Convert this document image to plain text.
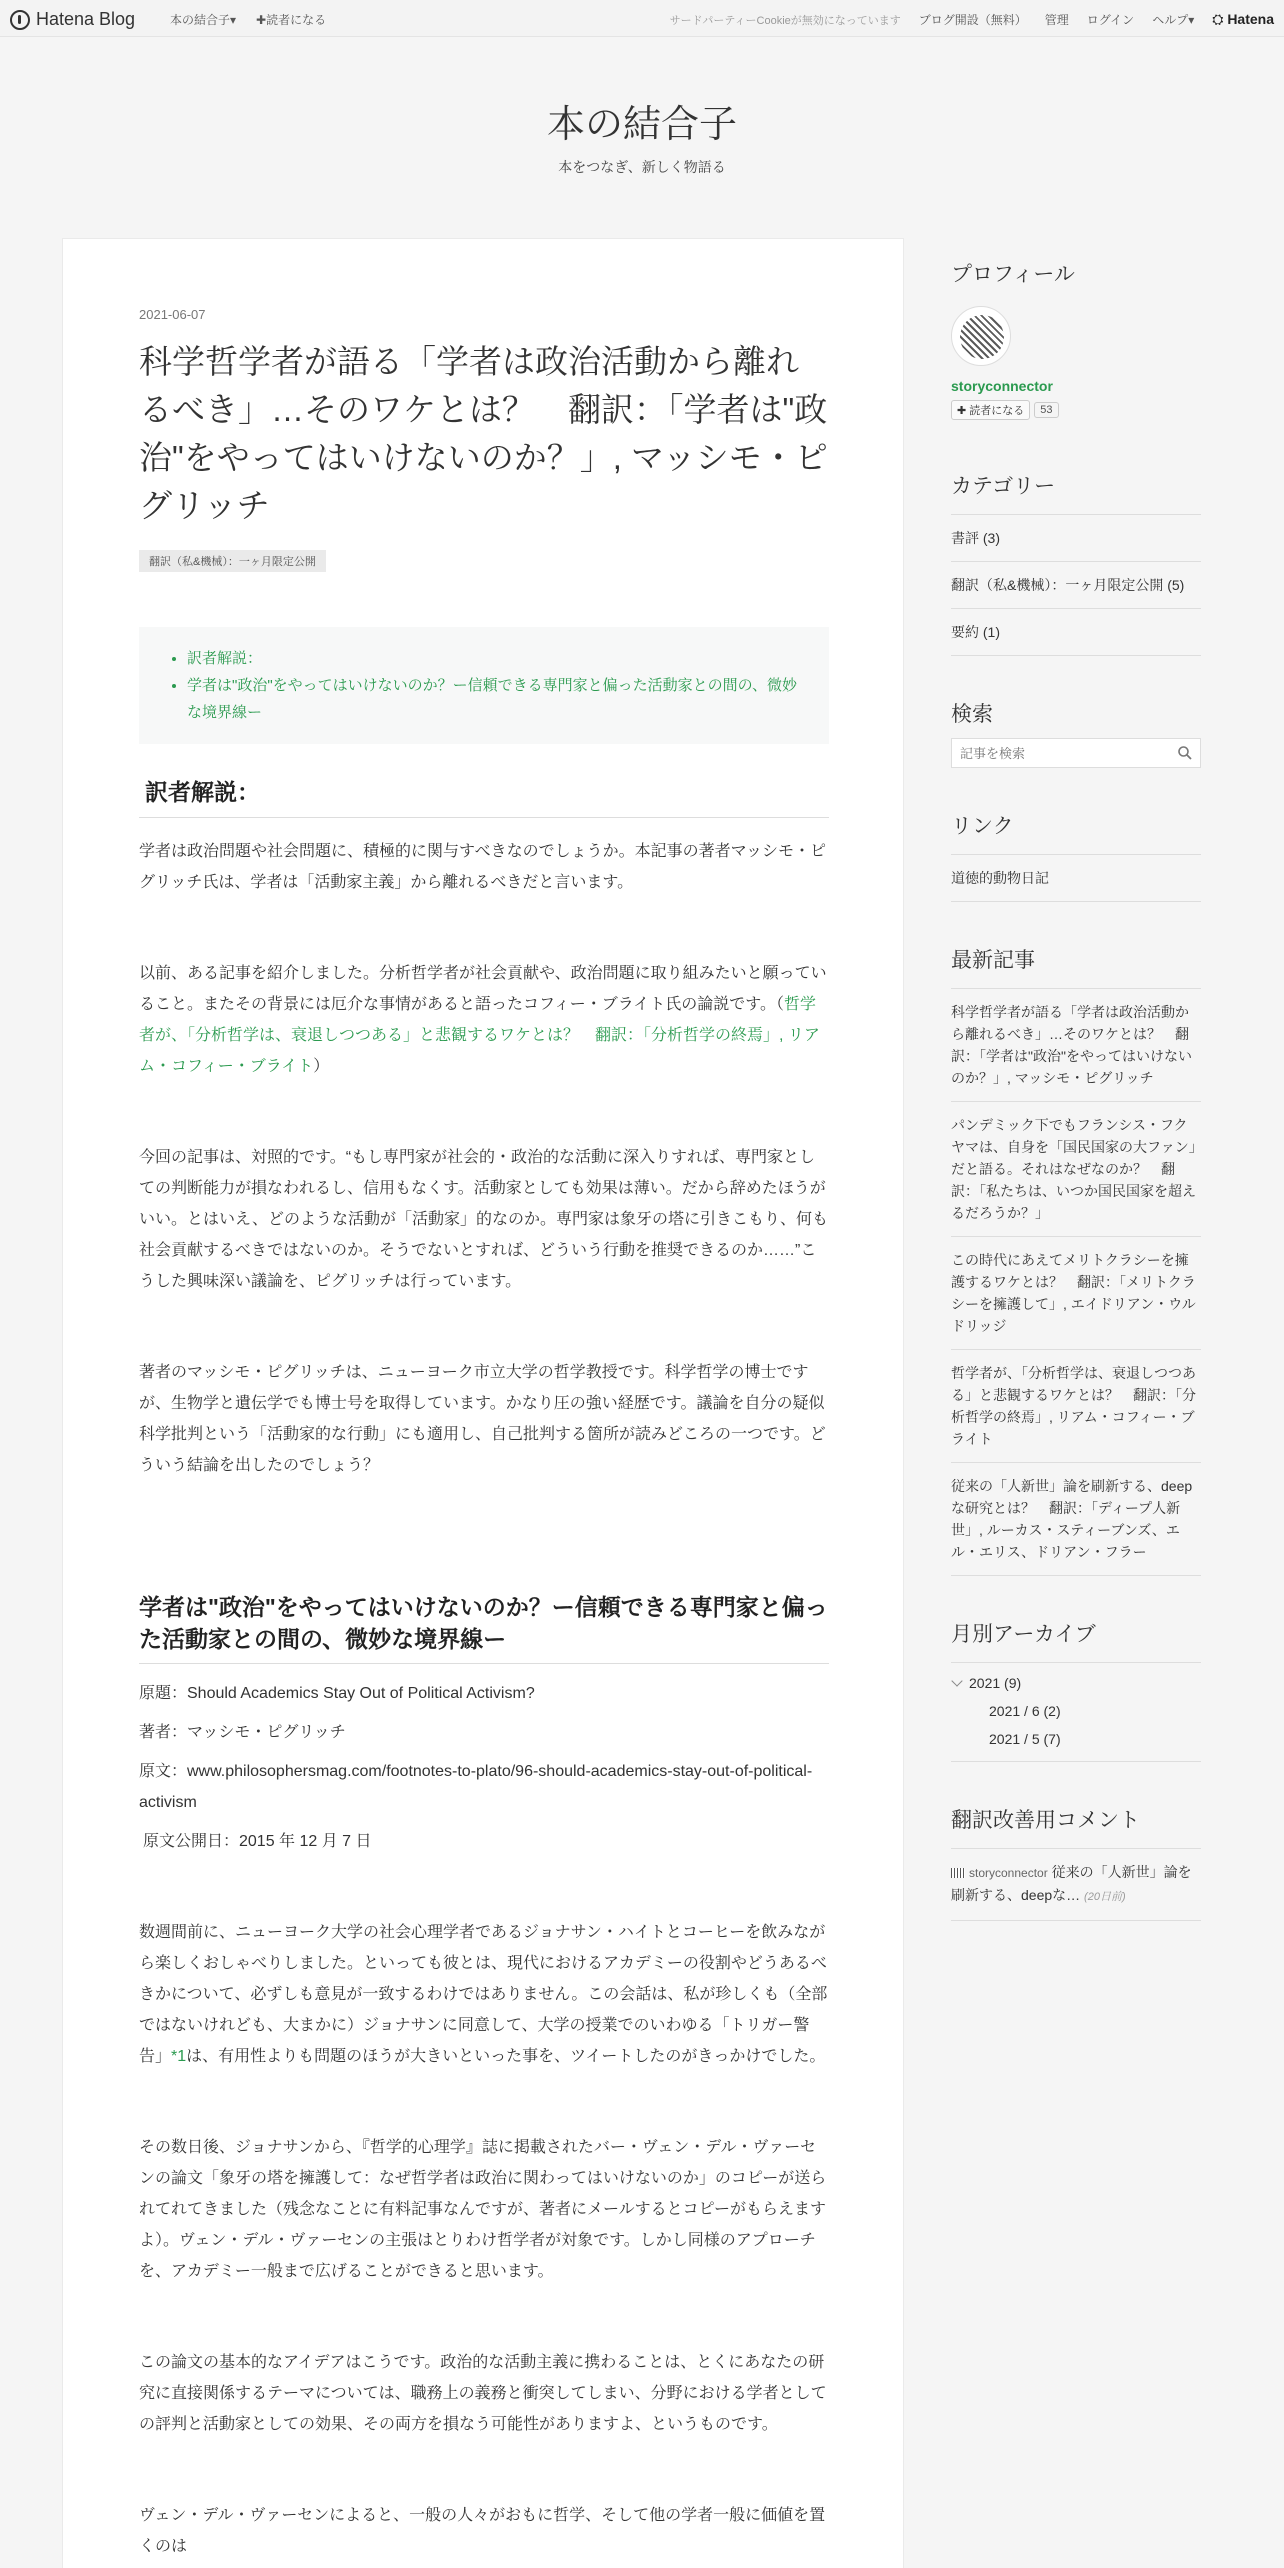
Hatena Blog	本の結合子▾ ✚読者になる	サードパーティーCookieが無効になっています ブログ開設（無料） 管理 ログイン ヘルプ▾ ⛭ Hatena
本の結合子
本をつなぎ、新しく物語る
2021-06-07
科学哲学者が語る「学者は政治活動から離れるべき」…そのワケとは？　翻訳：「学者は"政治"をやってはいけないのか？」, マッシモ・ピグリッチ
翻訳（私&機械）：一ヶ月限定公開
• 訳者解説：
• 学者は"政治"をやってはいけないのか？ー信頼できる専門家と偏った活動家との間の、微妙な境界線ー
訳者解説：

学者は政治問題や社会問題に、積極的に関与すべきなのでしょうか。本記事の著者マッシモ・ピグリッチ氏は、学者は「活動家主義」から離れるべきだと言います。

以前、ある記事を紹介しました。分析哲学者が社会貢献や、政治問題に取り組みたいと願っていること。またその背景には厄介な事情があると語ったコフィー・ブライト氏の論説です。（哲学者が、「分析哲学は、衰退しつつある」と悲観するワケとは？　翻訳：「分析哲学の終焉」, リアム・コフィー・ブライト）

今回の記事は、対照的です。“もし専門家が社会的・政治的な活動に深入りすれば、専門家としての判断能力が損なわれるし、信用もなくす。活動家としても効果は薄い。だから辞めたほうがいい。とはいえ、どのような活動が「活動家」的なのか。専門家は象牙の塔に引きこもり、何も社会貢献するべきではないのか。そうでないとすれば、どういう行動を推奨できるのか……”こうした興味深い議論を、ピグリッチは行っています。

著者のマッシモ・ピグリッチは、ニューヨーク市立大学の哲学教授です。科学哲学の博士ですが、生物学と遺伝学でも博士号を取得しています。かなり圧の強い経歴です。議論を自分の疑似科学批判という「活動家的な行動」にも適用し、自己批判する箇所が読みどころの一つです。どういう結論を出したのでしょう？

学者は"政治"をやってはいけないのか？ー信頼できる専門家と偏った活動家との間の、微妙な境界線ー

原題：Should Academics Stay Out of Political Activism?

著者：マッシモ・ピグリッチ

原文：www.philosophersmag.com/footnotes-to-plato/96-should-academics-stay-out-of-political-activism

原文公開日：2015 年 12 月 7 日

数週間前に、ニューヨーク大学の社会心理学者であるジョナサン・ハイトとコーヒーを飲みながら楽しくおしゃべりしました。といっても彼とは、現代におけるアカデミーの役割やどうあるべきかについて、必ずしも意見が一致するわけではありません。この会話は、私が珍しくも（全部ではないけれども、大まかに）ジョナサンに同意して、大学の授業でのいわゆる「トリガー警告」*1は、有用性よりも問題のほうが大きいといった事を、ツイートしたのがきっかけでした。

その数日後、ジョナサンから、『哲学的心理学』誌に掲載されたバー・ヴェン・デル・ヴァーセンの論文「象牙の塔を擁護して：なぜ哲学者は政治に関わってはいけないのか」のコピーが送られてれてきました（残念なことに有料記事なんですが、著者にメールするとコピーがもらえますよ）。ヴェン・デル・ヴァーセンの主張はとりわけ哲学者が対象です。しかし同様のアプローチを、アカデミー一般まで広げることができると思います。

この論文の基本的なアイデアはこうです。政治的な活動主義に携わることは、とくにあなたの研究に直接関係するテーマについては、職務上の義務と衝突してしまい、分野における学者としての評判と活動家としての効果、その両方を損なう可能性がありますよ、というものです。

ヴェン・デル・ヴァーセンによると、一般の人々がおもに哲学、そして他の学者一般に価値を置くのは

プロフィール
storyconnector
✚ 読者になる	53
カテゴリー
書評 (3)
翻訳（私&機械）：一ヶ月限定公開 (5)
要約 (1)
検索
記事を検索
リンク
道徳的動物日記
最新記事
科学哲学者が語る「学者は政治活動から離れるべき」…そのワケとは？　翻訳：「学者は"政治"をやってはいけないのか？」, マッシモ・ピグリッチ
パンデミック下でもフランシス・フクヤマは、自身を「国民国家の大ファン」だと語る。それはなぜなのか？　翻訳：「私たちは、いつか国民国家を超えるだろうか？」
この時代にあえてメリトクラシーを擁護するワケとは？　翻訳：「メリトクラシーを擁護して」, エイドリアン・ウルドリッジ
哲学者が、「分析哲学は、衰退しつつある」と悲観するワケとは？　翻訳：「分析哲学の終焉」, リアム・コフィー・ブライト
従来の「人新世」論を刷新する、deepな研究とは？　翻訳：「ディープ人新世」, ルーカス・スティーブンズ、エル・エリス、ドリアン・フラー
月別アーカイブ
2021 (9)
2021 / 6 (2)
2021 / 5 (7)
翻訳改善用コメント
storyconnector 従来の「人新世」論を刷新する、deepな… (20日前)
